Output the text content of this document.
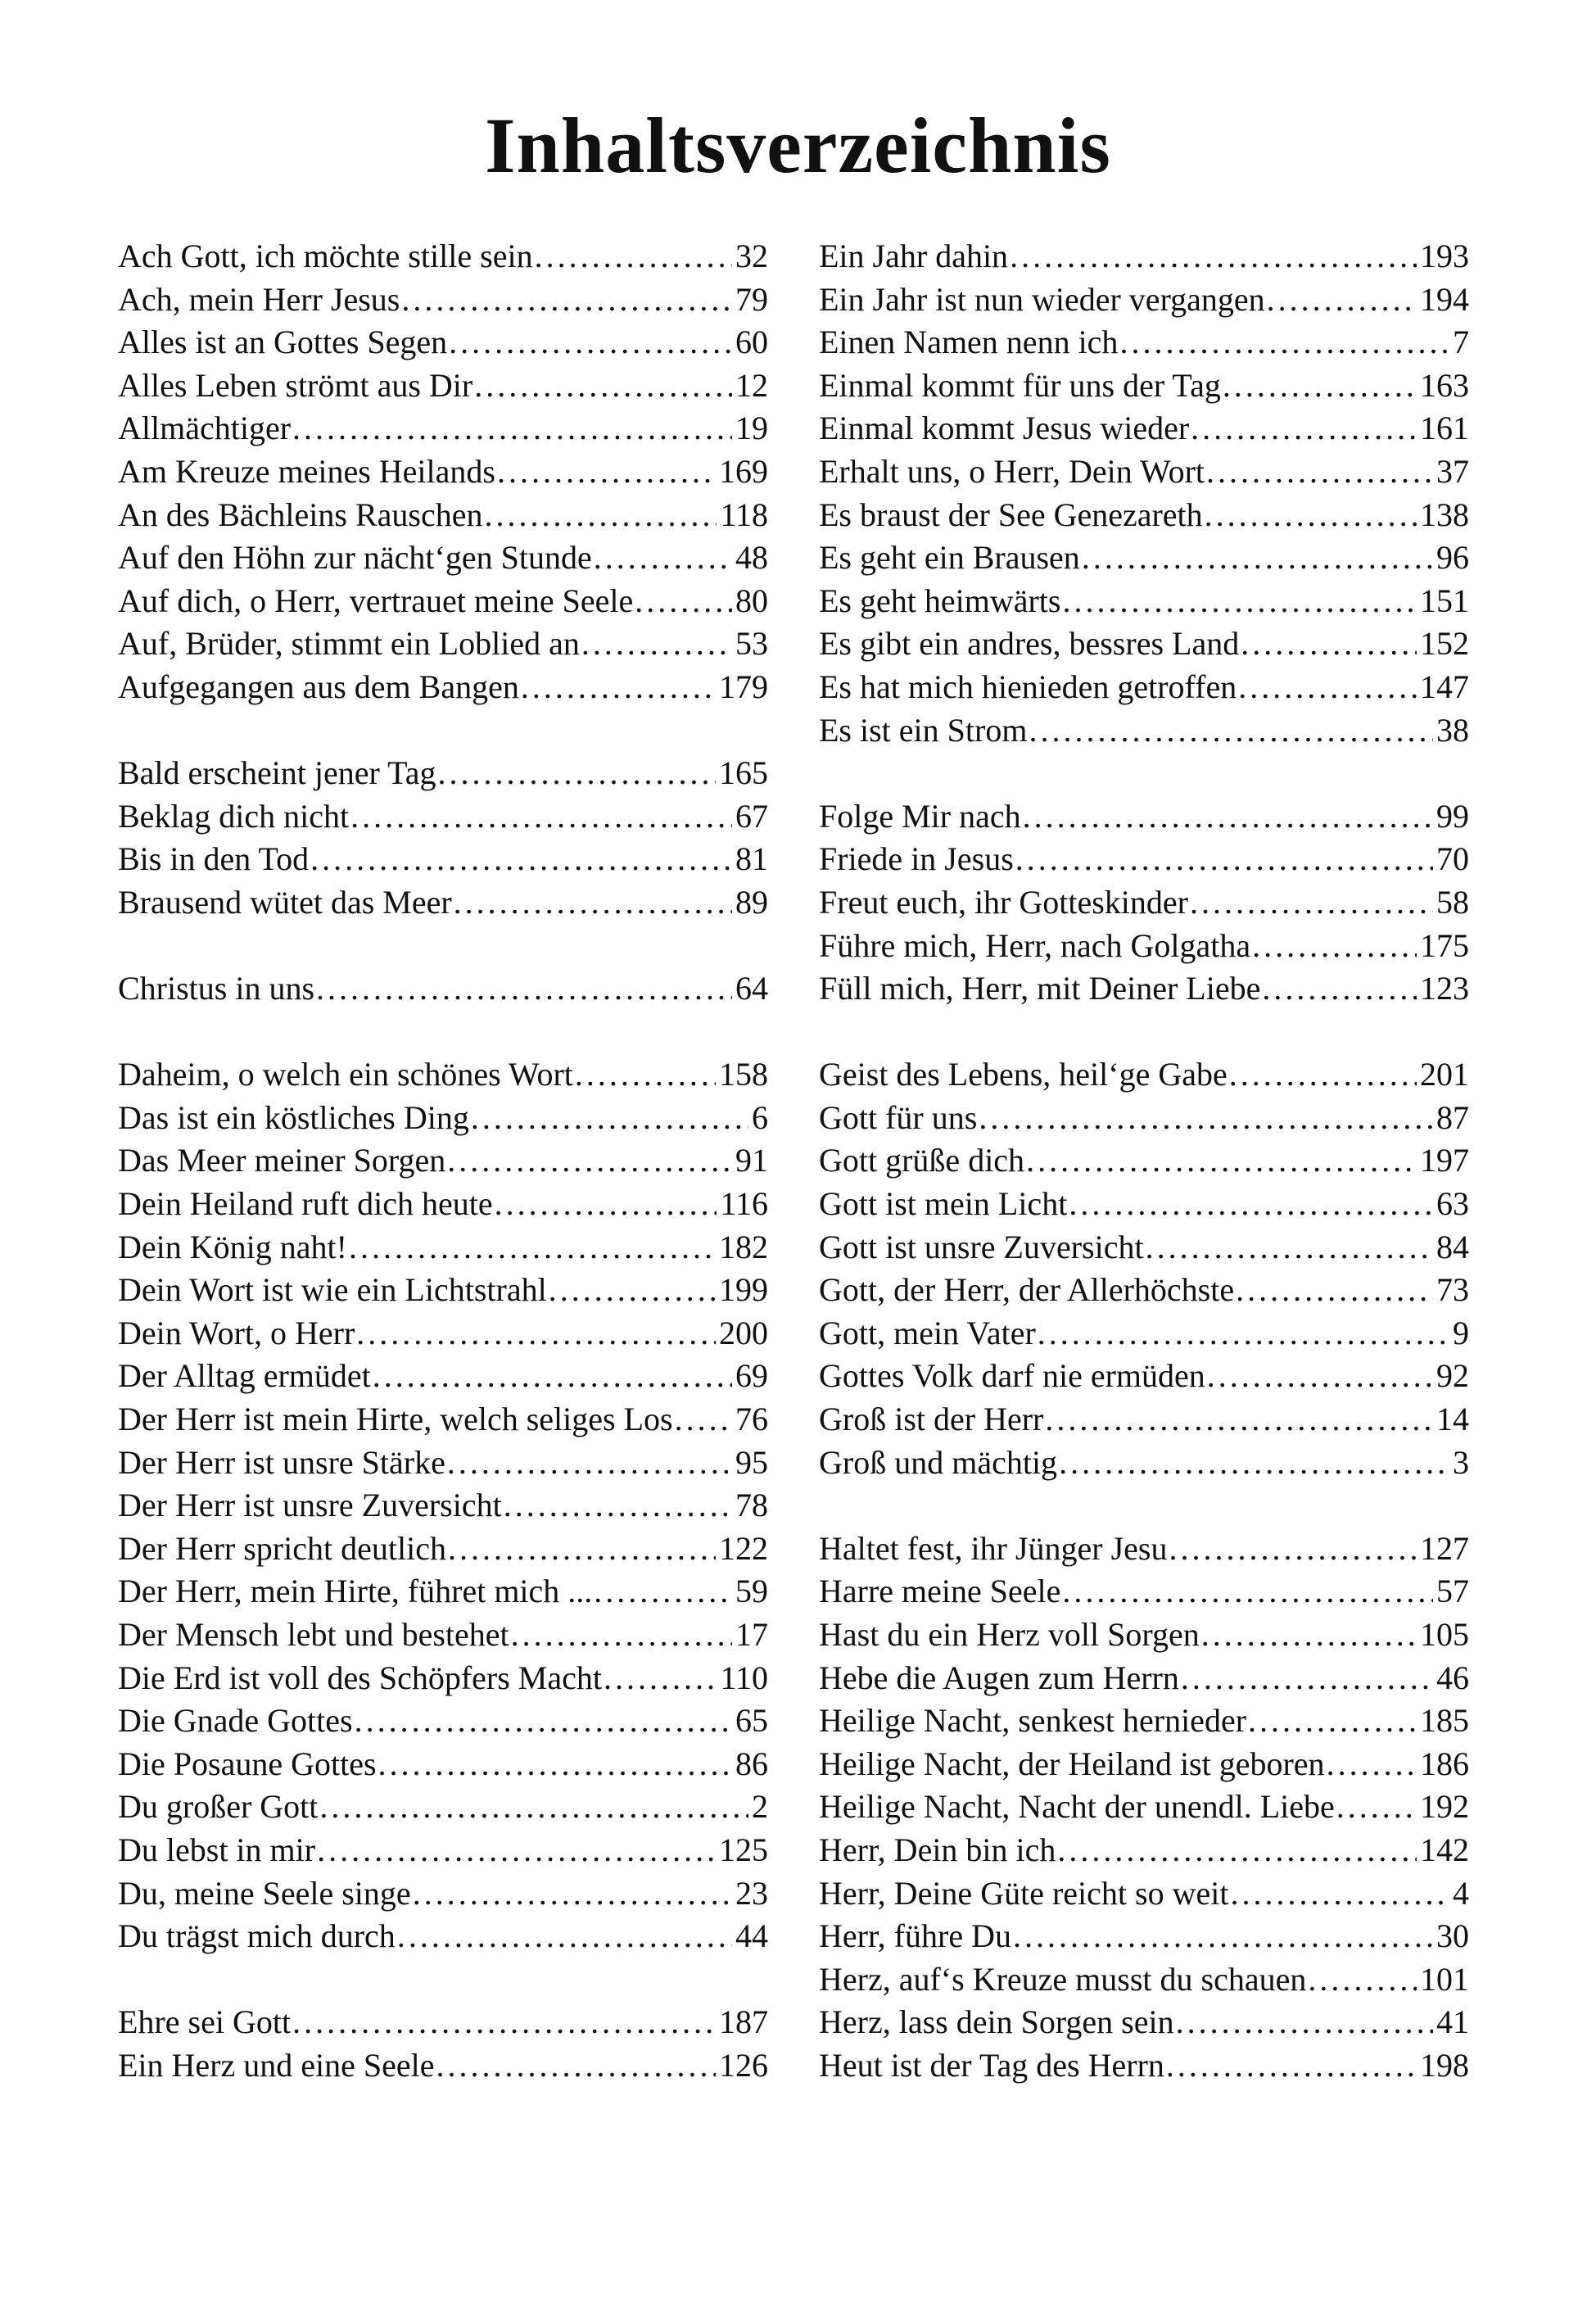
Inhaltsverzeichnis
Ach Gott, ich möchte stille sein . . .	32
Ach, mein Herr Jesus . . .	79
Alles ist an Gottes Segen . . .	60
Alles Leben strömt aus Dir . . .	12
Allmächtiger . . .	19
Am Kreuze meines Heilands . . .	169
An des Bächleins Rauschen . . .	118
Auf den Höhn zur nächt‘gen Stunde . . .	48
Auf dich, o Herr, vertrauet meine Seele . . .	80
Auf, Brüder, stimmt ein Loblied an . . .	53
Aufgegangen aus dem Bangen . . .	179
Bald erscheint jener Tag . . .	165
Beklag dich nicht . . .	67
Bis in den Tod . . .	81
Brausend wütet das Meer . . .	89
Christus in uns . . .	64
Daheim, o welch ein schönes Wort . . .	158
Das ist ein köstliches Ding . . .	6
Das Meer meiner Sorgen . . .	91
Dein Heiland ruft dich heute . . .	116
Dein König naht! . . .	182
Dein Wort ist wie ein Lichtstrahl . . .	199
Dein Wort, o Herr . . .	200
Der Alltag ermüdet . . .	69
Der Herr ist mein Hirte, welch seliges Los . . . 76
Der Herr ist unsre Stärke . . .	95
Der Herr ist unsre Zuversicht . . .	78
Der Herr spricht deutlich . . .	122
Der Herr, mein Hirte, führet mich ... . . .	59
Der Mensch lebt und bestehet . . .	17
Die Erd ist voll des Schöpfers Macht . . .	110
Die Gnade Gottes . . .	65
Die Posaune Gottes . . .	86
Du großer Gott . . .	2
Du lebst in mir . . .	125
Du, meine Seele singe . . .	23
Du trägst mich durch . . .	44
Ehre sei Gott . . .	187
Ein Herz und eine Seele . . .	126
Ein Jahr dahin . . .	193
Ein Jahr ist nun wieder vergangen . . .	194
Einen Namen nenn ich . . .	7
Einmal kommt für uns der Tag . . .	163
Einmal kommt Jesus wieder . . .	161
Erhalt uns, o Herr, Dein Wort . . .	37
Es braust der See Genezareth . . .	138
Es geht ein Brausen . . .	96
Es geht heimwärts . . .	151
Es gibt ein andres, bessres Land . . .	152
Es hat mich hienieden getroffen . . .	147
Es ist ein Strom . . .	38
Folge Mir nach . . .	99
Friede in Jesus . . .	70
Freut euch, ihr Gotteskinder . . .	58
Führe mich, Herr, nach Golgatha . . .	175
Füll mich, Herr, mit Deiner Liebe . . .	123
Geist des Lebens, heil‘ge Gabe . . .	201
Gott für uns . . .	87
Gott grüße dich . . .	197
Gott ist mein Licht . . .	63
Gott ist unsre Zuversicht . . .	84
Gott, der Herr, der Allerhöchste . . .	73
Gott, mein Vater . . .	9
Gottes Volk darf nie ermüden . . .	92
Groß ist der Herr . . .	14
Groß und mächtig . . .	3
Haltet fest, ihr Jünger Jesu . . .	127
Harre meine Seele . . .	57
Hast du ein Herz voll Sorgen . . .	105
Hebe die Augen zum Herrn . . .	46
Heilige Nacht, senkest hernieder . . .	185
Heilige Nacht, der Heiland ist geboren . . .	186
Heilige Nacht, Nacht der unendl. Liebe . . .	192
Herr, Dein bin ich . . .	142
Herr, Deine Güte reicht so weit . . .	4
Herr, führe Du . . .	30
Herz, auf‘s Kreuze musst du schauen . . .	101
Herz, lass dein Sorgen sein . . .	41
Heut ist der Tag des Herrn . . .	198
